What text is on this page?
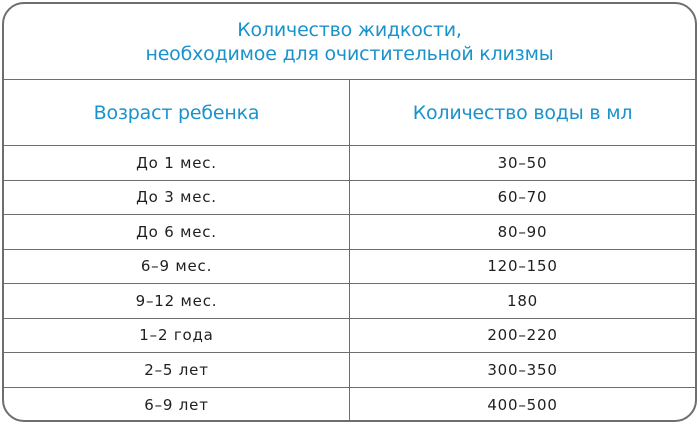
Количество жидкости,
необходимое для очистительной клизмы
Возраст ребенка	Количество воды в мл
До 1 мес.	30–50
До 3 мес.	60–70
До 6 мес.	80–90
6–9 мес.	120–150
9–12 мес.	180
1–2 года	200–220
2–5 лет	300–350
6–9 лет	400–500
